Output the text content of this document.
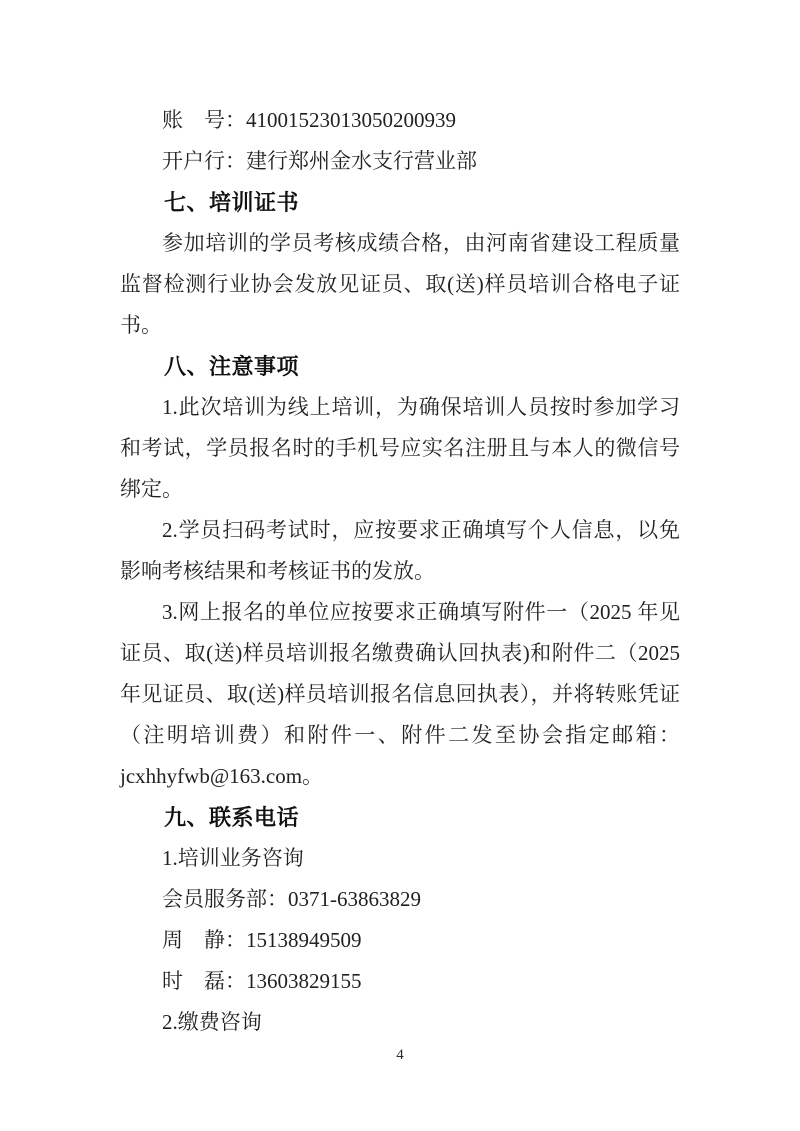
账　号：41001523013050200939
开户行：建行郑州金水支行营业部
七、培训证书
参加培训的学员考核成绩合格，由河南省建设工程质量监督检测行业协会发放见证员、取(送)样员培训合格电子证书。
八、注意事项
1.此次培训为线上培训，为确保培训人员按时参加学习和考试，学员报名时的手机号应实名注册且与本人的微信号绑定。
2.学员扫码考试时，应按要求正确填写个人信息，以免影响考核结果和考核证书的发放。
3.网上报名的单位应按要求正确填写附件一（2025 年见证员、取(送)样员培训报名缴费确认回执表)和附件二（2025 年见证员、取(送)样员培训报名信息回执表），并将转账凭证（注明培训费）和附件一、附件二发至协会指定邮箱：jcxhhyfwb@163.com。
九、联系电话
1.培训业务咨询
会员服务部：0371-63863829
周　静：15138949509
时　磊：13603829155
2.缴费咨询
4
